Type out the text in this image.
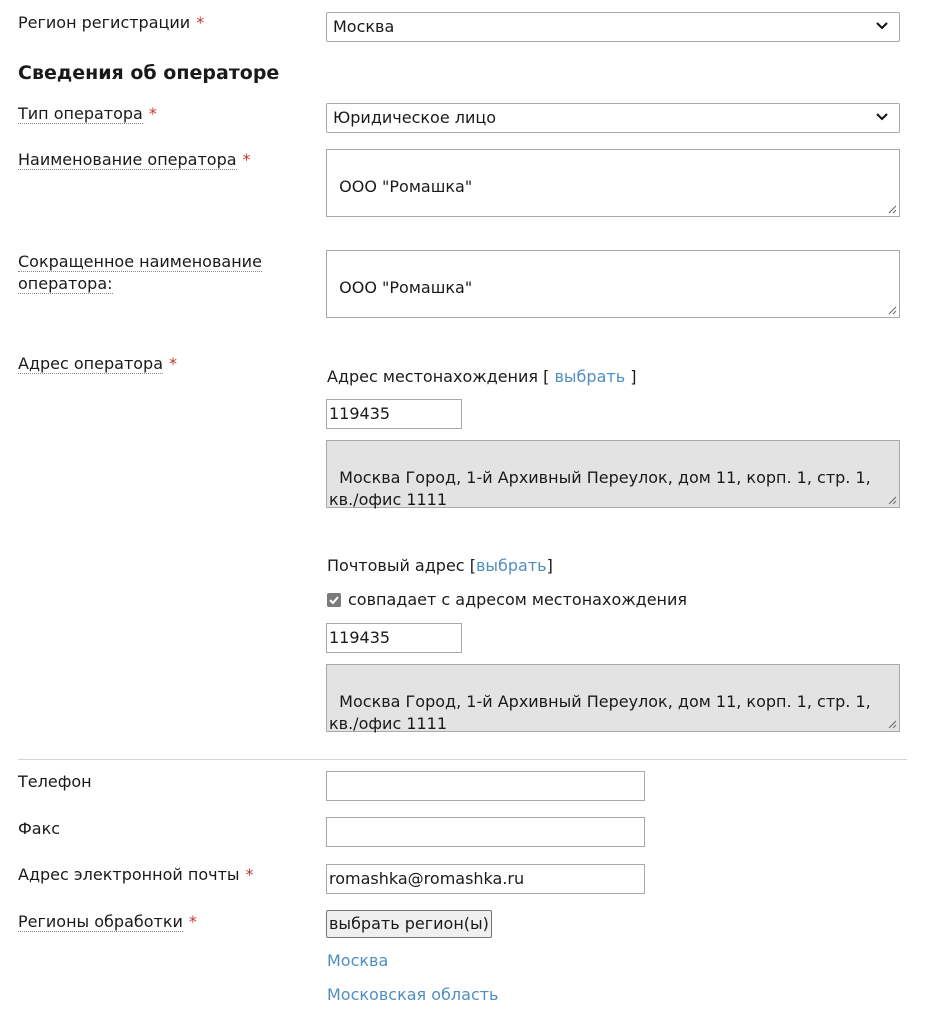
Регион регистрации *	Москва
Сведения об операторе
Тип оператора *	Юридическое лицо
Наименование оператора *

ООО "Ромашка"

Сокращенное наименование
оператора:	ООО "Ромашка"

Адрес оператора *
Адрес местонахождения [ выбрать ]
119435

Москва Город, 1-й Архивный Переулок, дом 11, корп. 1, стр. 1, кв./офис 1111

Почтовый адрес [выбрать]
совпадает с адресом местонахождения
119435

Москва Город, 1-й Архивный Переулок, дом 11, корп. 1, стр. 1, кв./офис 1111

Телефон
Факс
Адрес электронной почты *	romashka@romashka.ru
Регионы обработки *	выбрать регион(ы)
Москва
Московская область
